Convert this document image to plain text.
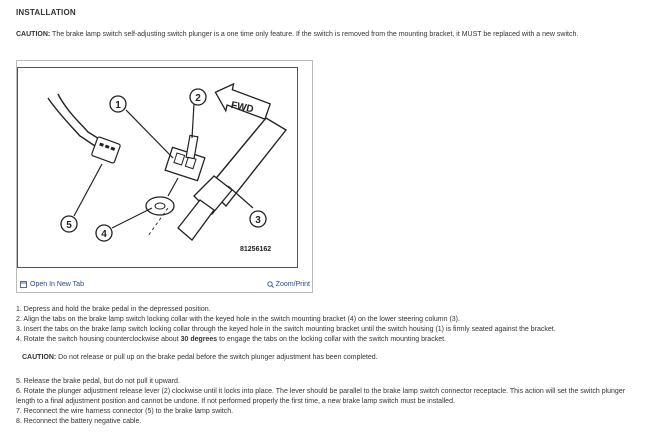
INSTALLATION
CAUTION: The brake lamp switch self-adjusting switch plunger is a one time only feature. If the switch is removed from the mounting bracket, it MUST be replaced with a new switch.
FWD
1
2
3
4
5
81256162
Open In New Tab	Zoom/Print
1. Depress and hold the brake pedal in the depressed position.
2. Align the tabs on the brake lamp switch locking collar with the keyed hole in the switch mounting bracket (4) on the lower steering column (3).
3. Insert the tabs on the brake lamp switch locking collar through the keyed hole in the switch mounting bracket until the switch housing (1) is firmly seated against the bracket.
4. Rotate the switch housing counterclockwise about 30 degrees to engage the tabs on the locking collar with the switch mounting bracket.
CAUTION: Do not release or pull up on the brake pedal before the switch plunger adjustment has been completed.
5. Release the brake pedal, but do not pull it upward.
6. Rotate the plunger adjustment release lever (2) clockwise until it locks into place. The lever should be parallel to the brake lamp switch connector receptacle. This action will set the switch plunger length to a final adjustment position and cannot be undone. If not performed properly the first time, a new brake lamp switch must be installed.
7. Reconnect the wire harness connector (5) to the brake lamp switch.
8. Reconnect the battery negative cable.
